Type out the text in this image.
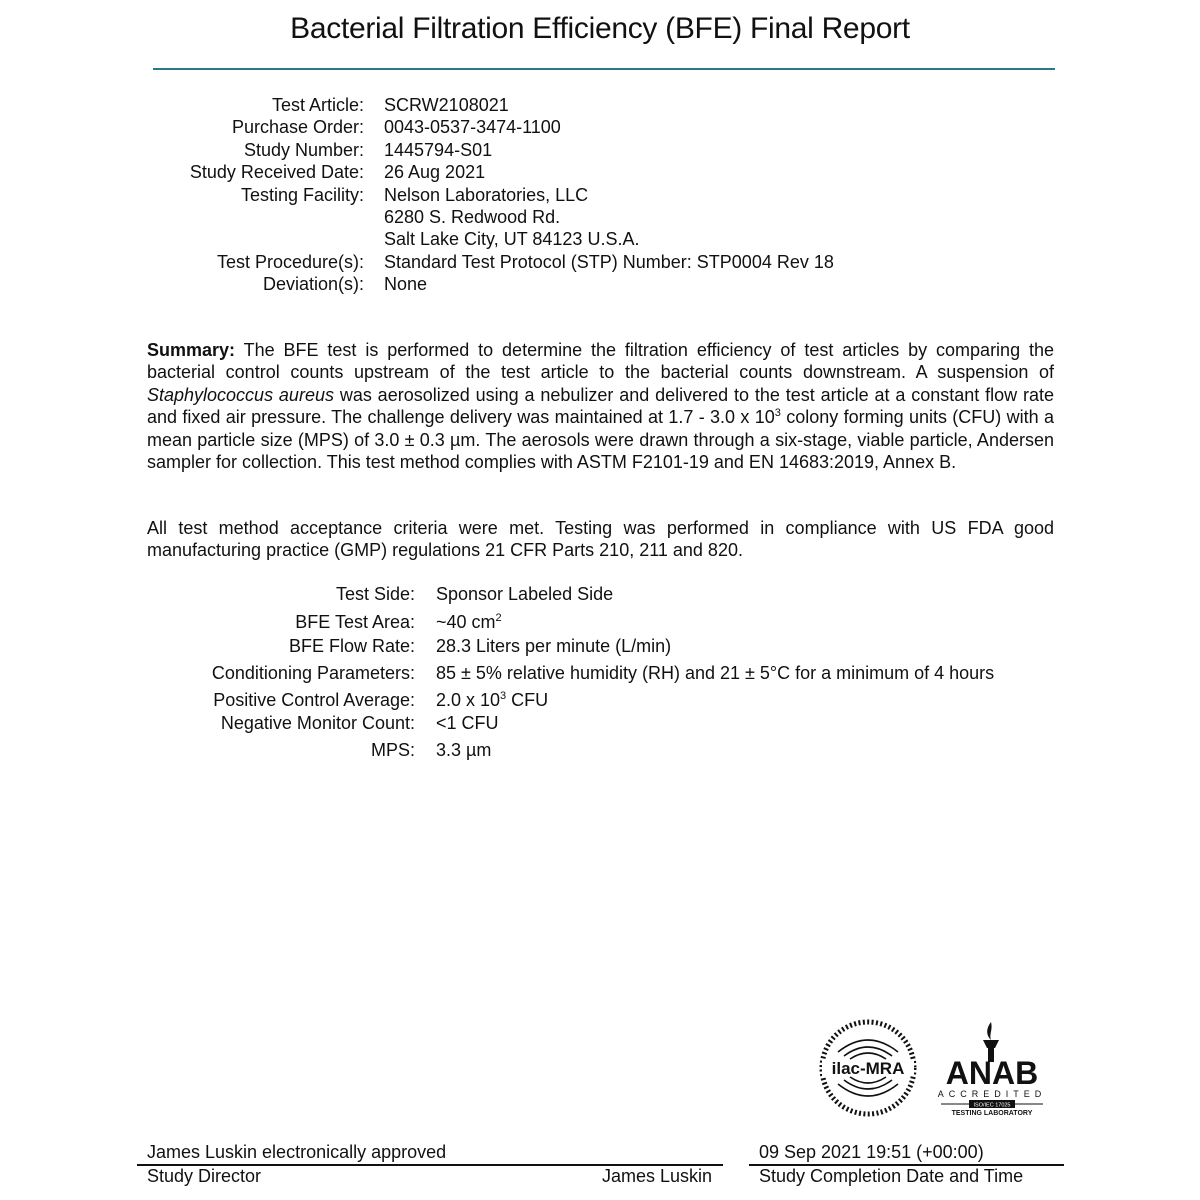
Bacterial Filtration Efficiency (BFE) Final Report
Test Article: SCRW2108021
Purchase Order: 0043-0537-3474-1100
Study Number: 1445794-S01
Study Received Date: 26 Aug 2021
Testing Facility: Nelson Laboratories, LLC
6280 S. Redwood Rd.
Salt Lake City, UT 84123 U.S.A.
Test Procedure(s): Standard Test Protocol (STP) Number: STP0004 Rev 18
Deviation(s): None
Summary: The BFE test is performed to determine the filtration efficiency of test articles by comparing the bacterial control counts upstream of the test article to the bacterial counts downstream. A suspension of Staphylococcus aureus was aerosolized using a nebulizer and delivered to the test article at a constant flow rate and fixed air pressure. The challenge delivery was maintained at 1.7 - 3.0 x $10^3$ colony forming units (CFU) with a mean particle size (MPS) of 3.0 ± 0.3 µm. The aerosols were drawn through a six-stage, viable particle, Andersen sampler for collection. This test method complies with ASTM F2101-19 and EN 14683:2019, Annex B.
All test method acceptance criteria were met. Testing was performed in compliance with US FDA good manufacturing practice (GMP) regulations 21 CFR Parts 210, 211 and 820.
Test Side: Sponsor Labeled Side
BFE Test Area: ~40 $cm^2$
BFE Flow Rate: 28.3 Liters per minute (L/min)
Conditioning Parameters: 85 ± 5% relative humidity (RH) and 21 ± 5°C for a minimum of 4 hours
Positive Control Average: 2.0 x $10^3$ CFU
Negative Monitor Count: <1 CFU
MPS: 3.3 µm
ilac-MRA ANAB
ACCREDITED
ISO/IEC 17025
TESTING LABORATORY
James Luskin electronically approved
Study Director	James Luskin
09 Sep 2021 19:51 (+00:00)
Study Completion Date and Time
